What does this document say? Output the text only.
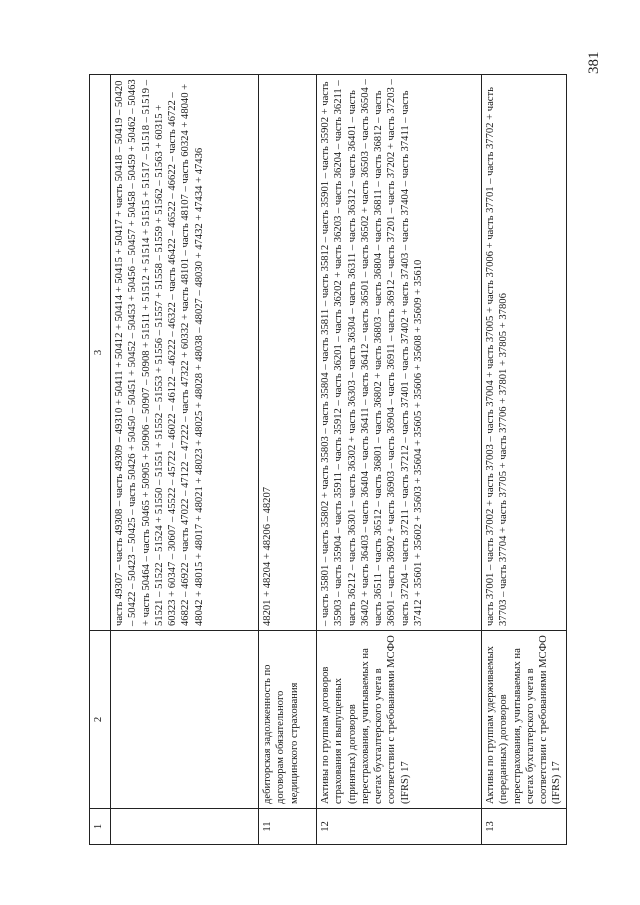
381
1	2	3
		часть 49307 – часть 49308 – часть 49309 – 49310 + 50411 + 50412 + 50414 + 50415 + 50417 + часть 50418 – 50419 – 50420 – 50422 – 50423 – 50425 – часть 50426 + 50450 – 50451 + 50452 – 50453 + 50456 – 50457 + 50458 – 50459 + 50462 – 50463 + часть 50464 – часть 50465 + 50905 + 50906 – 50907 – 50908 + 51511 + 51512 + 51514 + 51515 + 51517 – 51518 – 51519 – 51521 – 51522 – 51524 + 51550 – 51551 + 51552 – 51553 + 51556 – 51557 + 51558 – 51559 + 51562 – 51563 + 60315 + 60323 + 60347 – 30607 – 45522 – 45722 – 46022 – 46122 – 46222 – 46322 – часть 46422 – 46522 – 46622 – часть 46722 – 46822 – 46922 – часть 47022 – 47122 – 47222 – часть 47322 + 60332 + часть 48101 – часть 48107 – часть 60324 + 48040 + 48042 + 48015 + 48017 + 48021 + 48023 + 48025 + 48028 + 48038 – 48027 – 48030 + 47432 + 47434 + 47436
11	дебиторская задолженность по договорам обязательного медицинского страхования	48201 + 48204 + 48206 – 48207
12	Активы по группам договоров страхования и выпущенных (принятых) договоров перестрахования, учитываемых на счетах бухгалтерского учета в соответствии с требованиями МСФО (IFRS) 17	– часть 35801 – часть 35802 + часть 35803 – часть 35804 – часть 35811 – часть 35812 – часть 35901 – часть 35902 + часть 35903 – часть 35904 – часть 35911 – часть 35912 – часть 36201 – часть 36202 + часть 36203 – часть 36204 – часть 36211 – часть 36212 – часть 36301 – часть 36302 + часть 36303 – часть 36304 – часть 36311 – часть 36312 – часть 36401 – часть 36402 + часть 36403 – часть 36404 – часть 36411 – часть 36412 – часть 36501 – часть 36502 + часть 36503 – часть 36504 – часть 36511 – часть 36512 – часть 36801 – часть 36802 + часть 36803 – часть 36804 – часть 36811 – часть 36812 – часть 36901 – часть 36902 + часть 36903 – часть 36904 – часть 36911 – часть 36912 – часть 37201 – часть 37202 + часть 37203 – часть 37204 – часть 37211 – часть 37212 – часть 37401 – часть 37402 + часть 37403 – часть 37404 – часть 37411 – часть 37412 + 35601 + 35602 + 35603 + 35604 + 35605 + 35606 + 35608 + 35609 + 35610
13	Активы по группам удерживаемых (переданных) договоров перестрахования, учитываемых на счетах бухгалтерского учета в соответствии с требованиями МСФО (IFRS) 17	часть 37001 – часть 37002 + часть 37003 – часть 37004 + часть 37005 + часть 37006 + часть 37701 – часть 37702 + часть 37703 – часть 37704 + часть 37705 + часть 37706 + 37801 + 37805 + 37806
